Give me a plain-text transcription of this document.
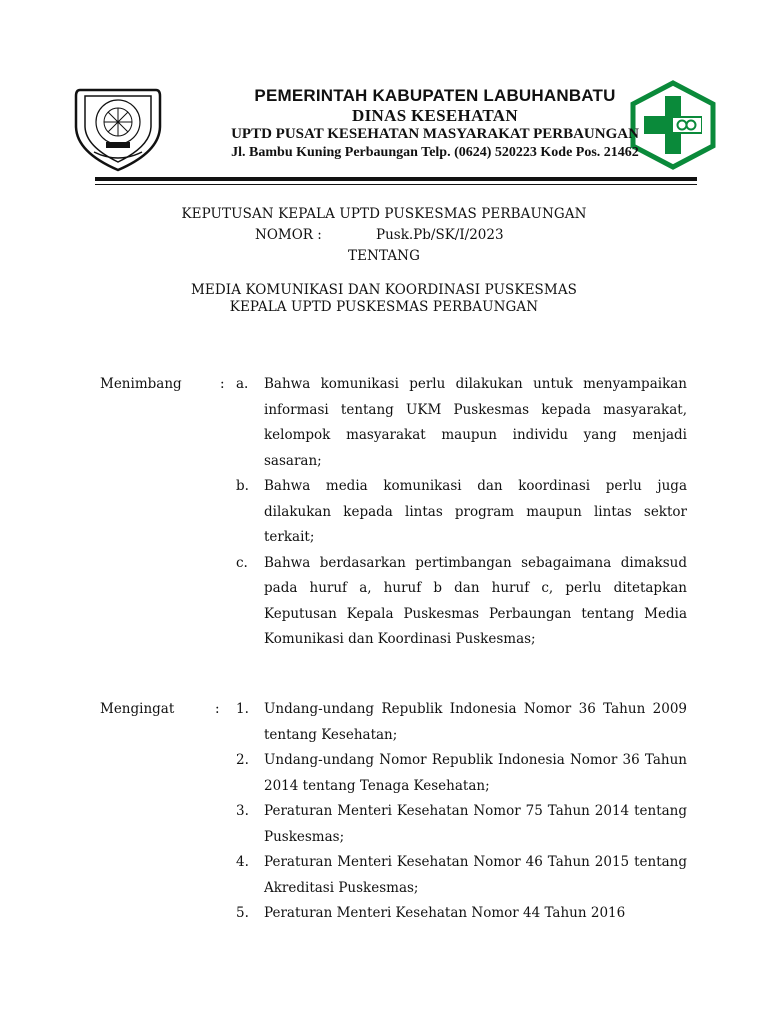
PEMERINTAH KABUPATEN LABUHANBATU
DINAS KESEHATAN
UPTD PUSAT KESEHATAN MASYARAKAT PERBAUNGAN
Jl. Bambu Kuning Perbaungan Telp. (0624) 520223 Kode Pos. 21462
KEPUTUSAN KEPALA UPTD PUSKESMAS PERBAUNGAN
NOMOR :	Pusk.Pb/SK/I/2023
TENTANG
MEDIA KOMUNIKASI DAN KOORDINASI PUSKESMAS
KEPALA UPTD PUSKESMAS PERBAUNGAN
Menimbang	: a.	Bahwa komunikasi perlu dilakukan untuk menyampaikan informasi tentang UKM Puskesmas kepada masyarakat, kelompok masyarakat maupun individu yang menjadi sasaran;
b.	Bahwa media komunikasi dan koordinasi perlu juga dilakukan kepada lintas program maupun lintas sektor terkait;
c.	Bahwa berdasarkan pertimbangan sebagaimana dimaksud pada huruf a, huruf b dan huruf c, perlu ditetapkan Keputusan Kepala Puskesmas Perbaungan tentang Media Komunikasi dan Koordinasi Puskesmas;
Mengingat	: 1.	Undang-undang Republik Indonesia Nomor 36 Tahun 2009 tentang Kesehatan;
2.	Undang-undang Nomor Republik Indonesia Nomor 36 Tahun 2014 tentang Tenaga Kesehatan;
3.	Peraturan Menteri Kesehatan Nomor 75 Tahun 2014 tentang Puskesmas;
4.	Peraturan Menteri Kesehatan Nomor 46 Tahun 2015 tentang Akreditasi Puskesmas;
5.	Peraturan Menteri Kesehatan Nomor 44 Tahun 2016
